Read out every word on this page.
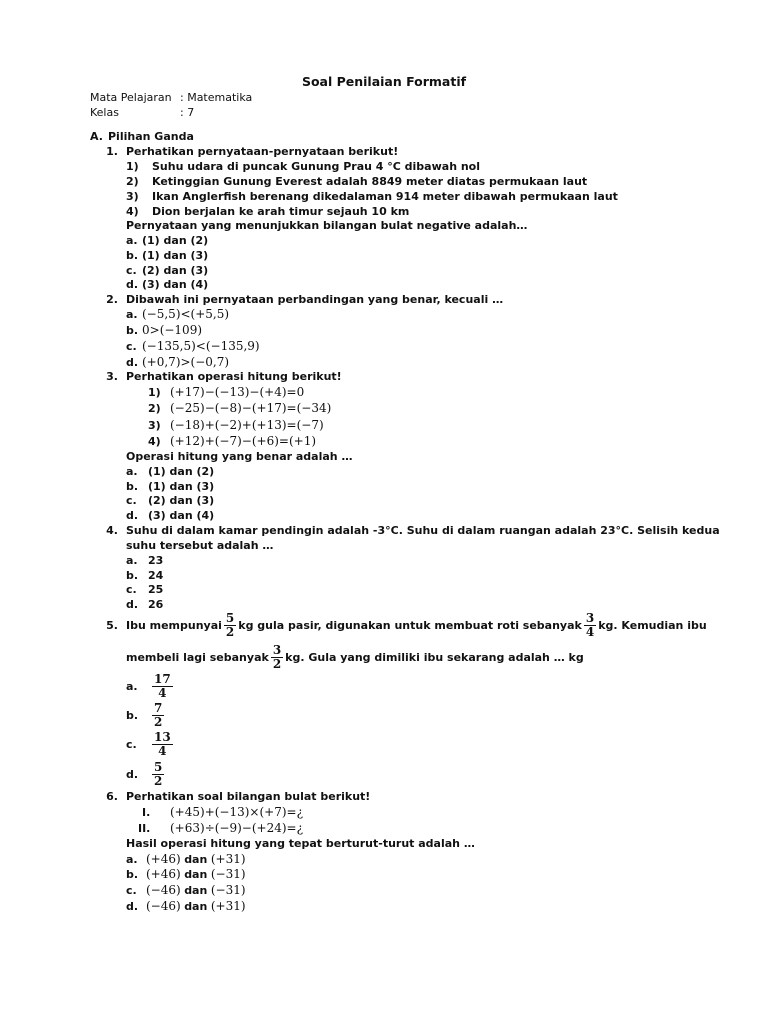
Soal Penilaian Formatif
Mata Pelajaran : Matematika
Kelas	: 7
A. Pilihan Ganda
1. Perhatikan pernyataan-pernyataan berikut!
1) Suhu udara di puncak Gunung Prau 4 °C dibawah nol
2) Ketinggian Gunung Everest adalah 8849 meter diatas permukaan laut
3) Ikan Anglerfish berenang dikedalaman 914 meter dibawah permukaan laut
4) Dion berjalan ke arah timur sejauh 10 km
Pernyataan yang menunjukkan bilangan bulat negative adalah…
a. (1) dan (2)
b. (1) dan (3)
c. (2) dan (3)
d. (3) dan (4)
2. Dibawah ini pernyataan perbandingan yang benar, kecuali …
a. (−5,5)<(+5,5)
b. 0>(−109)
c. (−135,5)<(−135,9)
d. (+0,7)>(−0,7)
3. Perhatikan operasi hitung berikut!
1) (+17)−(−13)−(+4)=0
2) (−25)−(−8)−(+17)=(−34)
3) (−18)+(−2)+(+13)=(−7)
4) (+12)+(−7)−(+6)=(+1)
Operasi hitung yang benar adalah …
a. (1) dan (2)
b. (1) dan (3)
c. (2) dan (3)
d. (3) dan (4)
4. Suhu di dalam kamar pendingin adalah -3°C. Suhu di dalam ruangan adalah 23°C. Selisih kedua
suhu tersebut adalah …
a. 23
b. 24
c. 25
d. 26
5. Ibu mempunyai $\frac{5}{2}$ kg gula pasir, digunakan untuk membuat roti sebanyak $\frac{3}{4}$ kg. Kemudian ibu
membeli lagi sebanyak $\frac{3}{2}$ kg. Gula yang dimiliki ibu sekarang adalah … kg
a.	$\frac{17}{4}$
b.	$\frac{7}{2}$
c.	$\frac{13}{4}$
d.	$\frac{5}{2}$
6. Perhatikan soal bilangan bulat berikut!
I. (+45)+(−13)×(+7)=¿
II. (+63)÷(−9)−(+24)=¿
Hasil operasi hitung yang tepat berturut-turut adalah …
a. (+46) dan (+31)
b. (+46) dan (−31)
c. (−46) dan (−31)
d. (−46) dan (+31)
